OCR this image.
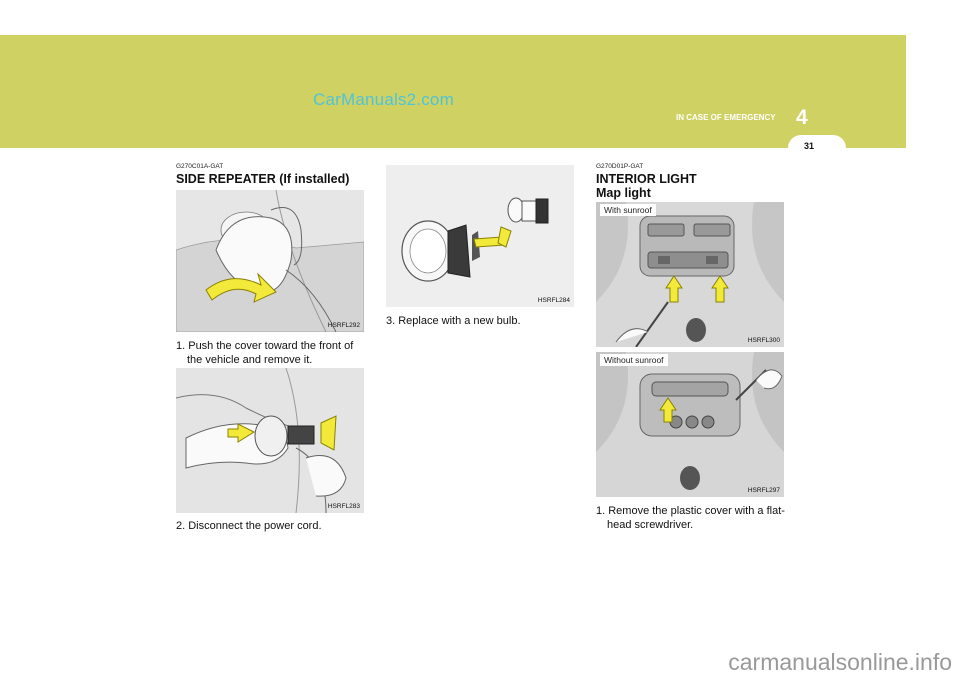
CarManuals2.com
IN CASE OF EMERGENCY 4
31
G270C01A-GAT
SIDE REPEATER (If installed)
HSRFL292
1. Push the cover toward the front of
the vehicle and remove it.
HSRFL283
2. Disconnect the power cord.
HSRFL284
3. Replace with a new bulb.
G270D01P-GAT
INTERIOR LIGHT
Map light
With sunroof
HSRFL300
Without sunroof
HSRFL297
1. Remove the plastic cover with a flat-
head screwdriver.
carmanualsonline.info
